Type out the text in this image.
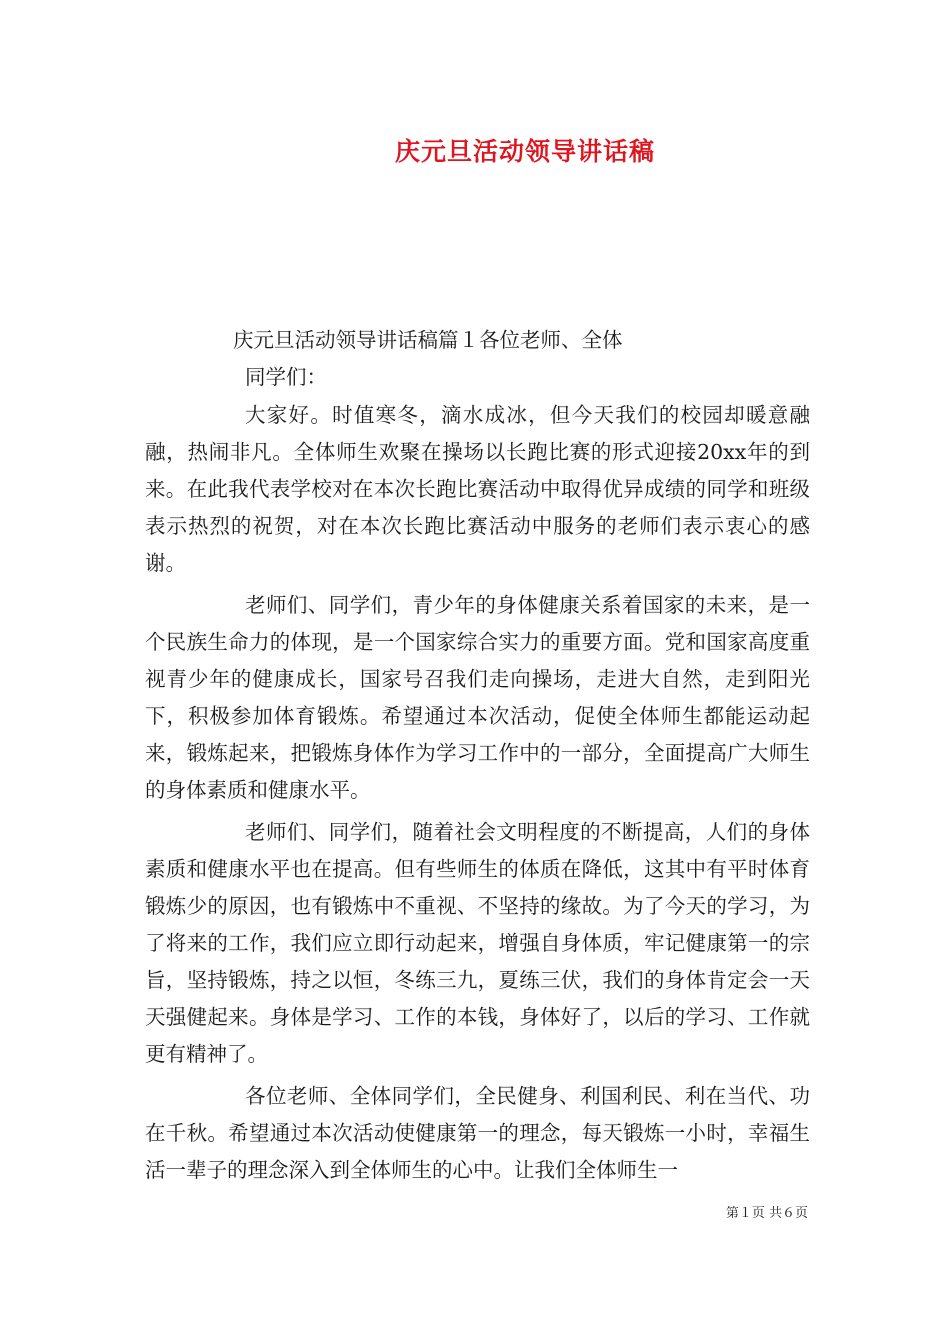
庆元旦活动领导讲话稿

庆元旦活动领导讲话稿篇１各位老师、全体

同学们：

大家好。时值寒冬，滴水成冰，但今天我们的校园却暖意融融，热闹非凡。全体师生欢聚在操场以长跑比赛的形式迎接20xx年的到来。在此我代表学校对在本次长跑比赛活动中取得优异成绩的同学和班级表示热烈的祝贺，对在本次长跑比赛活动中服务的老师们表示衷心的感谢。

老师们、同学们，青少年的身体健康关系着国家的未来，是一个民族生命力的体现，是一个国家综合实力的重要方面。党和国家高度重视青少年的健康成长，国家号召我们走向操场，走进大自然，走到阳光下，积极参加体育锻炼。希望通过本次活动，促使全体师生都能运动起来，锻炼起来，把锻炼身体作为学习工作中的一部分，全面提高广大师生的身体素质和健康水平。

老师们、同学们，随着社会文明程度的不断提高，人们的身体素质和健康水平也在提高。但有些师生的体质在降低，这其中有平时体育锻炼少的原因，也有锻炼中不重视、不坚持的缘故。为了今天的学习，为了将来的工作，我们应立即行动起来，增强自身体质，牢记健康第一的宗旨，坚持锻炼，持之以恒，冬练三九，夏练三伏，我们的身体肯定会一天天强健起来。身体是学习、工作的本钱，身体好了，以后的学习、工作就更有精神了。

各位老师、全体同学们，全民健身、利国利民、利在当代、功在千秋。希望通过本次活动使健康第一的理念，每天锻炼一小时，幸福生活一辈子的理念深入到全体师生的心中。让我们全体师生一

第１页 共６页
